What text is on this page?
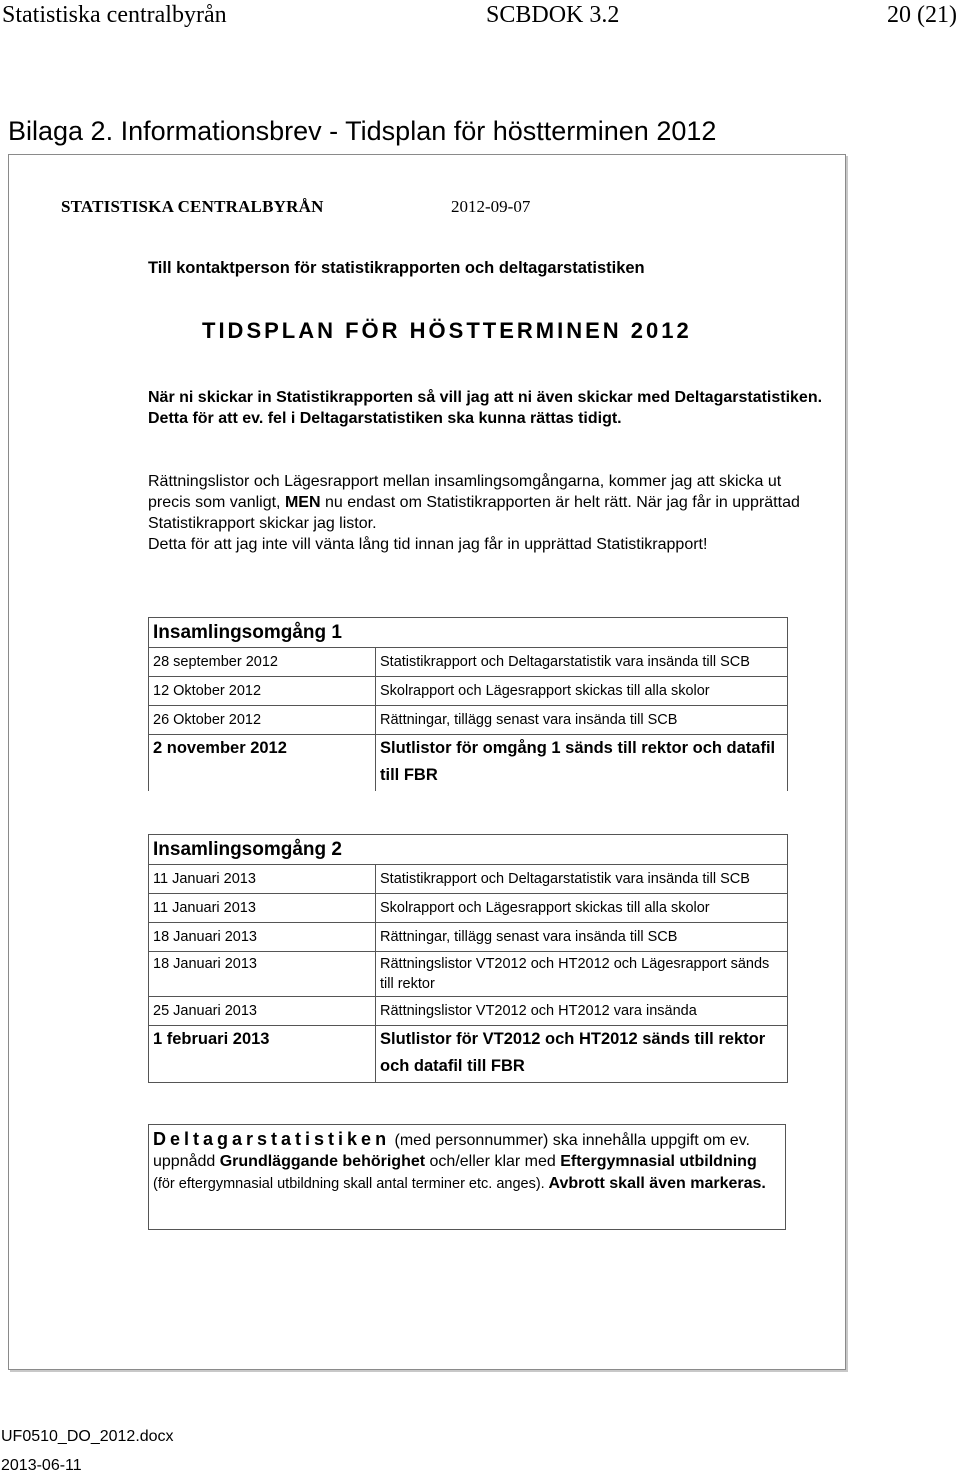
Statistiska centralbyrån	SCBDOK 3.2	20 (21)
Bilaga 2. Informationsbrev - Tidsplan för höstterminen 2012
STATISTISKA CENTRALBYRÅN	2012-09-07
Till kontaktperson för statistikrapporten och deltagarstatistiken
TIDSPLAN FÖR HÖSTTERMINEN 2012
När ni skickar in Statistikrapporten så vill jag att ni även skickar med Deltagarstatistiken. Detta för att ev. fel i Deltagarstatistiken ska kunna rättas tidigt.
Rättningslistor och Lägesrapport mellan insamlingsomgångarna, kommer jag att skicka ut precis som vanligt, MEN nu endast om Statistikrapporten är helt rätt. När jag får in upprättad Statistikrapport skickar jag listor.
Detta för att jag inte vill vänta lång tid innan jag får in upprättad Statistikrapport!
Insamlingsomgång 1	
28 september 2012	Statistikrapport och Deltagarstatistik vara insända till SCB
12 Oktober 2012	Skolrapport och Lägesrapport skickas till alla skolor
26 Oktober 2012	Rättningar, tillägg senast vara insända till SCB
2 november 2012	Slutlistor för omgång 1 sänds till rektor och datafil till FBR
Insamlingsomgång 2	
11 Januari 2013	Statistikrapport och Deltagarstatistik vara insända till SCB
11 Januari 2013	Skolrapport och Lägesrapport skickas till alla skolor
18 Januari 2013	Rättningar, tillägg senast vara insända till SCB
18 Januari 2013	Rättningslistor VT2012 och HT2012 och Lägesrapport sänds till rektor
25 Januari 2013	Rättningslistor VT2012 och HT2012 vara insända
1 februari 2013	Slutlistor för VT2012 och HT2012 sänds till rektor och datafil till FBR
Deltagarstatistiken (med personnummer) ska innehålla uppgift om ev. uppnådd Grundläggande behörighet och/eller klar med Eftergymnasial utbildning (för eftergymnasial utbildning skall antal terminer etc. anges). Avbrott skall även markeras.
UF0510_DO_2012.docx
2013-06-11
